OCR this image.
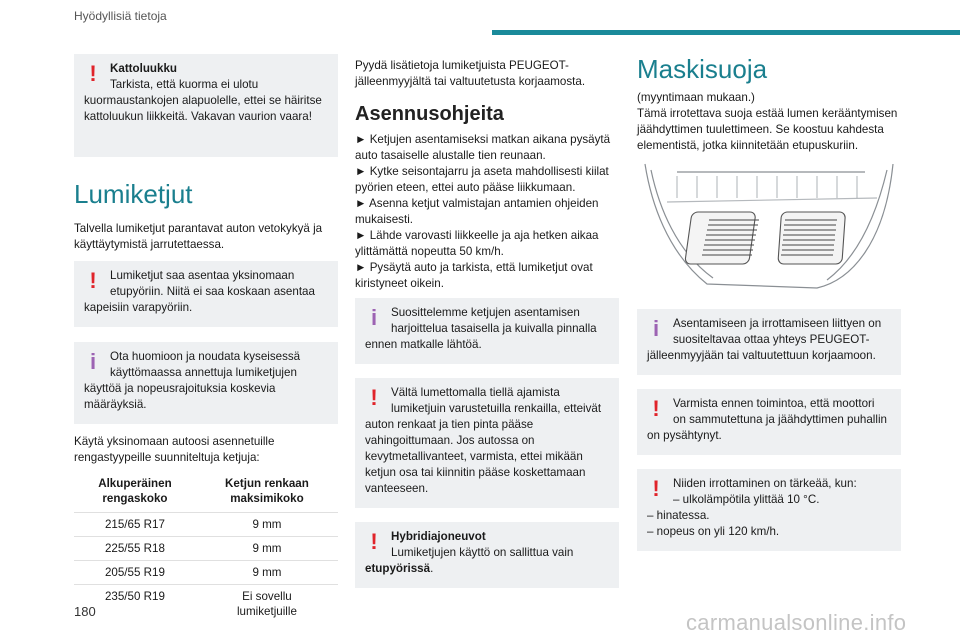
Hyödyllisiä tietoja
!	Kattoluukku
Tarkista, että kuorma ei ulotu kuormaustankojen alapuolelle, ettei se häiritse kattoluukun liikkeitä. Vakavan vaurion vaara!
Lumiketjut

Talvella lumiketjut parantavat auton vetokykyä ja käyttäytymistä jarrutettaessa.

!	Lumiketjut saa asentaa yksinomaan
etupyöriin. Niitä ei saa koskaan asentaa kapeisiin varapyöriin.
i	Ota huomioon ja noudata kyseisessä
käyttömaassa annettuja lumiketjujen käyttöä ja nopeusrajoituksia koskevia määräyksiä.

Käytä yksinomaan autoosi asennetuille rengastyypeille suunniteltuja ketjuja:

Alkuperäinen rengaskoko	Ketjun renkaan maksimikoko
215/65 R17	9 mm
225/55 R18	9 mm
205/55 R19	9 mm
235/50 R19	Ei sovellu lumiketjuille

Pyydä lisätietoja lumiketjuista PEUGEOT-jälleenmyyjältä tai valtuutetusta korjaamosta.

Asennusohjeita

► Ketjujen asentamiseksi matkan aikana pysäytä auto tasaiselle alustalle tien reunaan.

► Kytke seisontajarru ja aseta mahdollisesti kiilat pyörien eteen, ettei auto pääse liikkumaan.

► Asenna ketjut valmistajan antamien ohjeiden mukaisesti.

► Lähde varovasti liikkeelle ja aja hetken aikaa ylittämättä nopeutta 50 km/h.

► Pysäytä auto ja tarkista, että lumiketjut ovat kiristyneet oikein.

i	Suosittelemme ketjujen asentamisen
harjoittelua tasaisella ja kuivalla pinnalla ennen matkalle lähtöä.
!	Vältä lumettomalla tiellä ajamista
lumiketjuin varustetuilla renkailla, etteivät auton renkaat ja tien pinta pääse vahingoittumaan. Jos autossa on kevytmetallivanteet, varmista, ettei mikään ketjun osa tai kiinnitin pääse koskettamaan vanteeseen.
!	Hybridiajoneuvot
Lumiketjujen käyttö on sallittua vain etupyörissä.
Maskisuoja

(myyntimaan mukaan.)

Tämä irrotettava suoja estää lumen kerääntymisen jäähdyttimen tuulettimeen. Se koostuu kahdesta elementistä, jotka kiinnitetään etupuskuriin.

i	Asentamiseen ja irrottamiseen liittyen on
suositeltavaa ottaa yhteys PEUGEOT-jälleenmyyjään tai valtuutettuun korjaamoon.
!	Varmista ennen toimintoa, että moottori
on sammutettuna ja jäähdyttimen puhallin on pysähtynyt.
!	Niiden irrottaminen on tärkeää, kun:
– ulkolämpötila ylittää 10 °C.
– hinatessa.
– nopeus on yli 120 km/h.
180	carmanualsonline.info
